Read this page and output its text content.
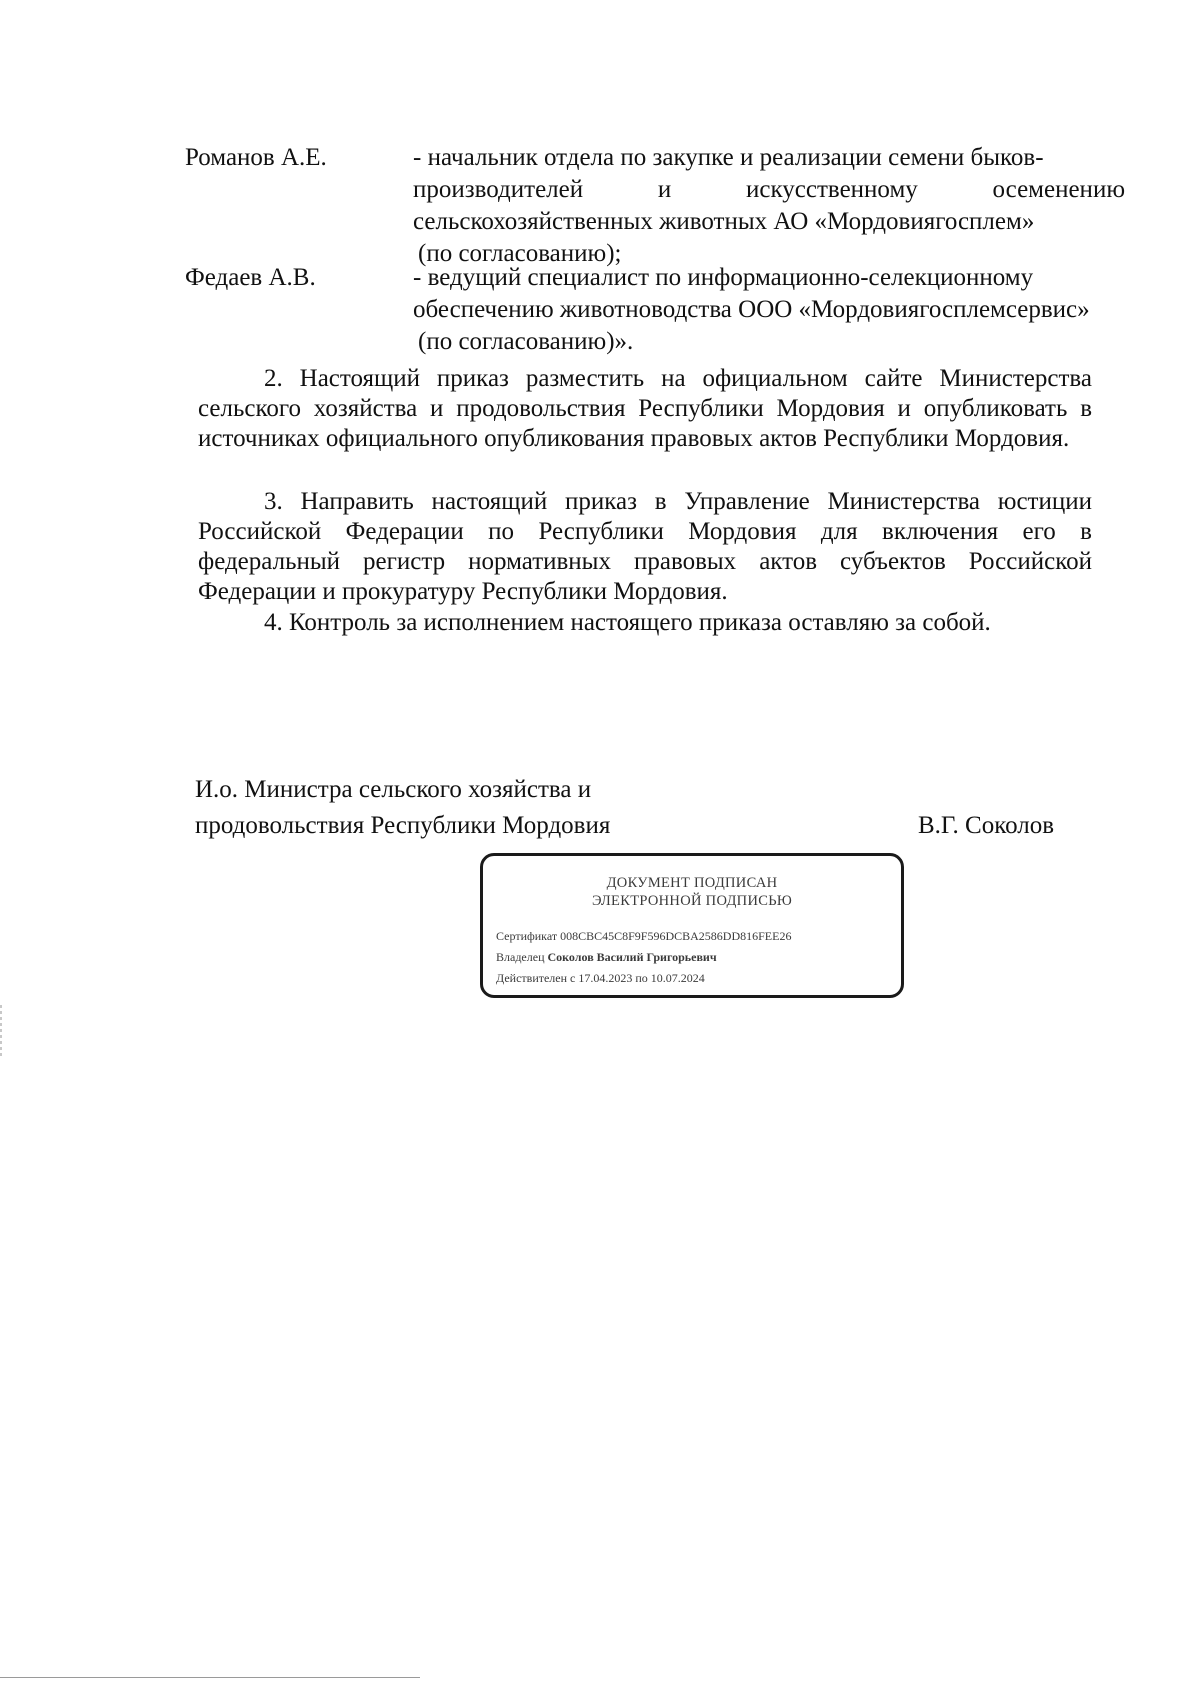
Романов А.Е.	- начальник отдела по закупке и реализации семени быков-
производителей и искусственному осеменению
сельскохозяйственных животных АО «Мордовиягосплем»
(по согласованию);
Федаев А.В.	- ведущий специалист по информационно-селекционному
обеспечению животноводства ООО «Мордовиягосплемсервис»
(по согласованию)».

2. Настоящий приказ разместить на официальном сайте Министерства сельского хозяйства и продовольствия Республики Мордовия и опубликовать в источниках официального опубликования правовых актов Республики Мордовия.

3. Направить настоящий приказ в Управление Министерства юстиции Российской Федерации по Республики Мордовия для включения его в федеральный регистр нормативных правовых актов субъектов Российской Федерации и прокуратуру Республики Мордовия.

4. Контроль за исполнением настоящего приказа оставляю за собой.

И.о. Министра сельского хозяйства и
продовольствия Республики Мордовия	В.Г. Соколов
ДОКУМЕНТ ПОДПИСАН
ЭЛЕКТРОННОЙ ПОДПИСЬЮ
Сертификат 008CBC45C8F9F596DCBA2586DD816FEE26
Владелец Соколов Василий Григорьевич
Действителен с 17.04.2023 по 10.07.2024
